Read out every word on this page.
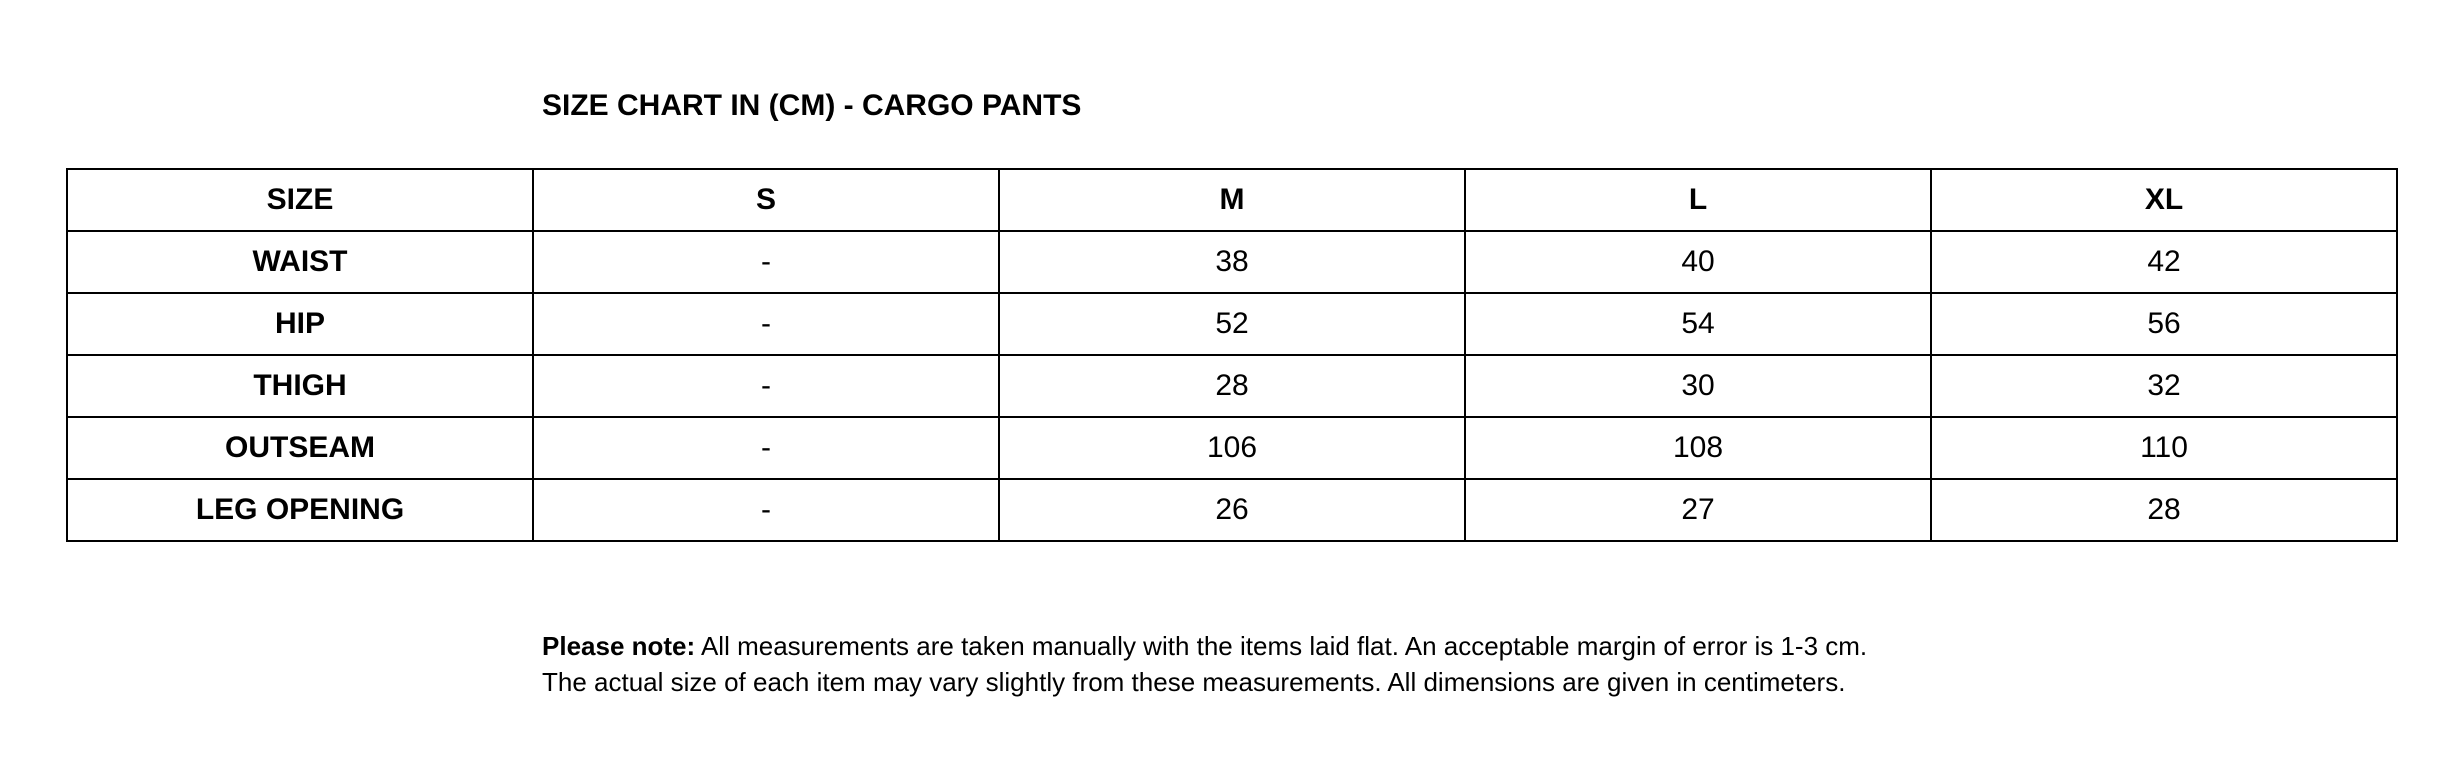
SIZE CHART IN (CM) - CARGO PANTS
SIZE	S	M	L	XL
WAIST	-	38	40	42
HIP	-	52	54	56
THIGH	-	28	30	32
OUTSEAM	-	106	108	110
LEG OPENING	-	26	27	28
Please note: All measurements are taken manually with the items laid flat. An acceptable margin of error is 1-3 cm.
The actual size of each item may vary slightly from these measurements. All dimensions are given in centimeters.
